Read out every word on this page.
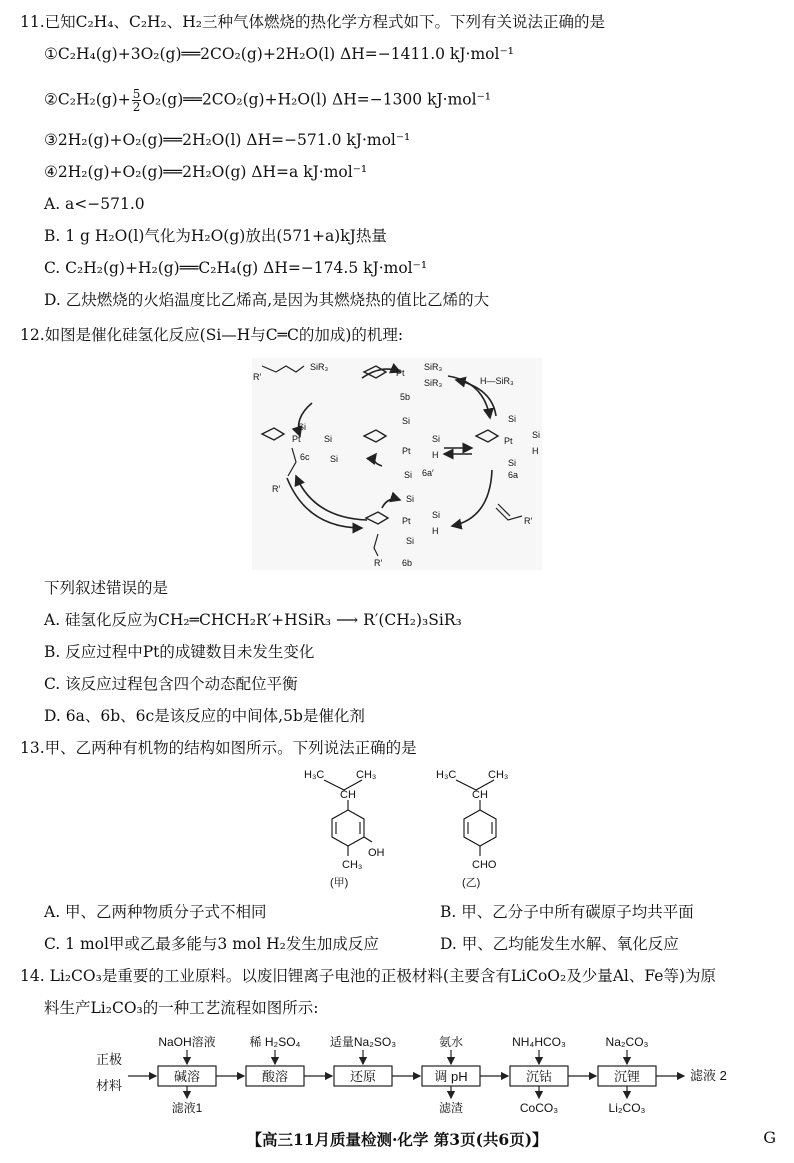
11.已知C₂H₄、C₂H₂、H₂三种气体燃烧的热化学方程式如下。下列有关说法正确的是
①C₂H₄(g)+3O₂(g)══2CO₂(g)+2H₂O(l) ΔH=−1411.0 kJ·mol⁻¹
②C₂H₂(g)+ $\frac{5}{2}$ O₂(g)══2CO₂(g)+H₂O(l) ΔH=−1300 kJ·mol⁻¹
③2H₂(g)+O₂(g)══2H₂O(l) ΔH=−571.0 kJ·mol⁻¹
④2H₂(g)+O₂(g)══2H₂O(g) ΔH=a kJ·mol⁻¹
A. a<−571.0
B. 1 g H₂O(l)气化为H₂O(g)放出(571+a)kJ热量
C. C₂H₂(g)+H₂(g)══C₂H₄(g) ΔH=−174.5 kJ·mol⁻¹
D. 乙炔燃烧的火焰温度比乙烯高,是因为其燃烧热的值比乙烯的大
12.如图是催化硅氢化反应(Si—H与C═C的加成)的机理:
R′
SiR₃
Pt
SiR₃
SiR₃
5b
H—SiR₃
Si
Pt	Si
Si
6c
R′
Si
Pt
Si
H
Si 6a′
Si
Pt
Si
H
Si
6a
Si
Pt
Si
H
Si
R′ 6b
R′
下列叙述错误的是
A. 硅氢化反应为CH₂═CHCH₂R′+HSiR₃ ⟶ R′(CH₂)₃SiR₃
B. 反应过程中Pt的成键数目未发生变化
C. 该反应过程包含四个动态配位平衡
D. 6a、6b、6c是该反应的中间体,5b是催化剂
13.甲、乙两种有机物的结构如图所示。下列说法正确的是
H₃C	CH₃
CH
OH
CH₃
(甲)
H₃C	CH₃
CH
CHO
(乙)
A. 甲、乙两种物质分子式不相同	B. 甲、乙分子中所有碳原子均共平面
C. 1 mol甲或乙最多能与3 mol H₂发生加成反应	D. 甲、乙均能发生水解、氧化反应
14. Li₂CO₃是重要的工业原料。以废旧锂离子电池的正极材料(主要含有LiCoO₂及少量Al、Fe等)为原
料生产Li₂CO₃的一种工艺流程如图所示:
正极
材料
碱溶	酸溶	还原	调 pH	沉钴	沉锂
NaOH溶液	稀 H₂SO₄ 适量Na₂SO₃	氨水	NH₄HCO₃	Na₂CO₃
滤液1	滤渣	CoCO₃	Li₂CO₃
滤液 2
【高三11月质量检测·化学 第3页(共6页)】	G
